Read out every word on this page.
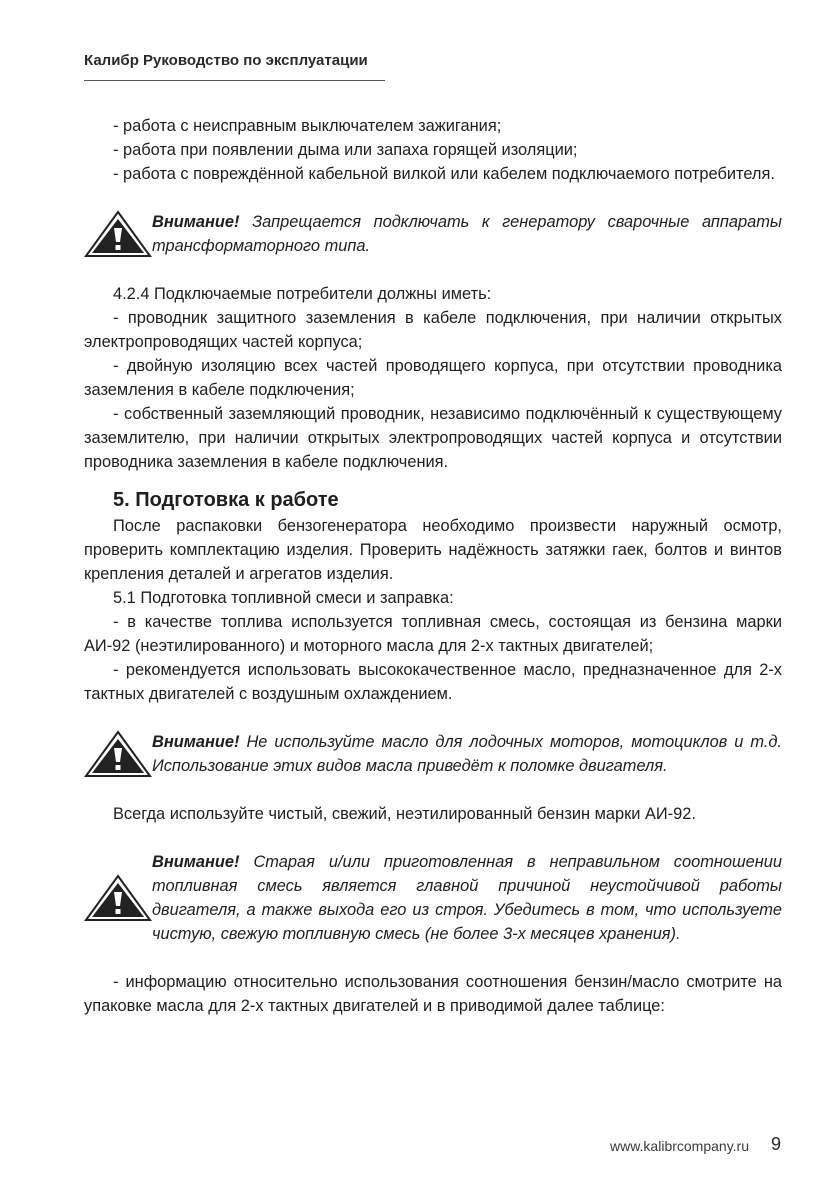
Калибр Руководство по эксплуатации

- работа с неисправным выключателем зажигания;

- работа при появлении дыма или запаха горящей изоляции;

- работа с повреждённой кабельной вилкой или кабелем подключаемого потребителя.

Внимание! Запрещается подключать к генератору сварочные аппараты трансформаторного типа.

4.2.4 Подключаемые потребители должны иметь:

- проводник защитного заземления в кабеле подключения, при наличии открытых электропроводящих частей корпуса;

- двойную изоляцию всех частей проводящего корпуса, при отсутствии проводника заземления в кабеле подключения;

- собственный заземляющий проводник, независимо подключённый к существующему заземлителю, при наличии открытых электропроводящих частей корпуса и отсутствии проводника заземления в кабеле подключения.

5. Подготовка к работе

После распаковки бензогенератора необходимо произвести наружный осмотр, проверить комплектацию изделия. Проверить надёжность затяжки гаек, болтов и винтов крепления деталей и агрегатов изделия.

5.1 Подготовка топливной смеси и заправка:

- в качестве топлива используется топливная смесь, состоящая из бензина марки АИ-92 (неэтилированного) и моторного масла для 2-х тактных двигателей;

- рекомендуется использовать высококачественное масло, предназначенное для 2-х тактных двигателей с воздушным охлаждением.

Внимание! Не используйте масло для лодочных моторов, мотоциклов и т.д. Использование этих видов масла приведёт к поломке двигателя.

Всегда используйте чистый, свежий, неэтилированный бензин марки АИ-92.

Внимание! Старая и/или приготовленная в неправильном соотношении топливная смесь является главной причиной неустойчивой работы двигателя, а также выхода его из строя. Убедитесь в том, что используете чистую, свежую топливную смесь (не более 3-х месяцев хранения).

- информацию относительно использования соотношения бензин/масло смотрите на упаковке масла для 2-х тактных двигателей и в приводимой далее таблице:

www.kalibrcompany.ru 9
